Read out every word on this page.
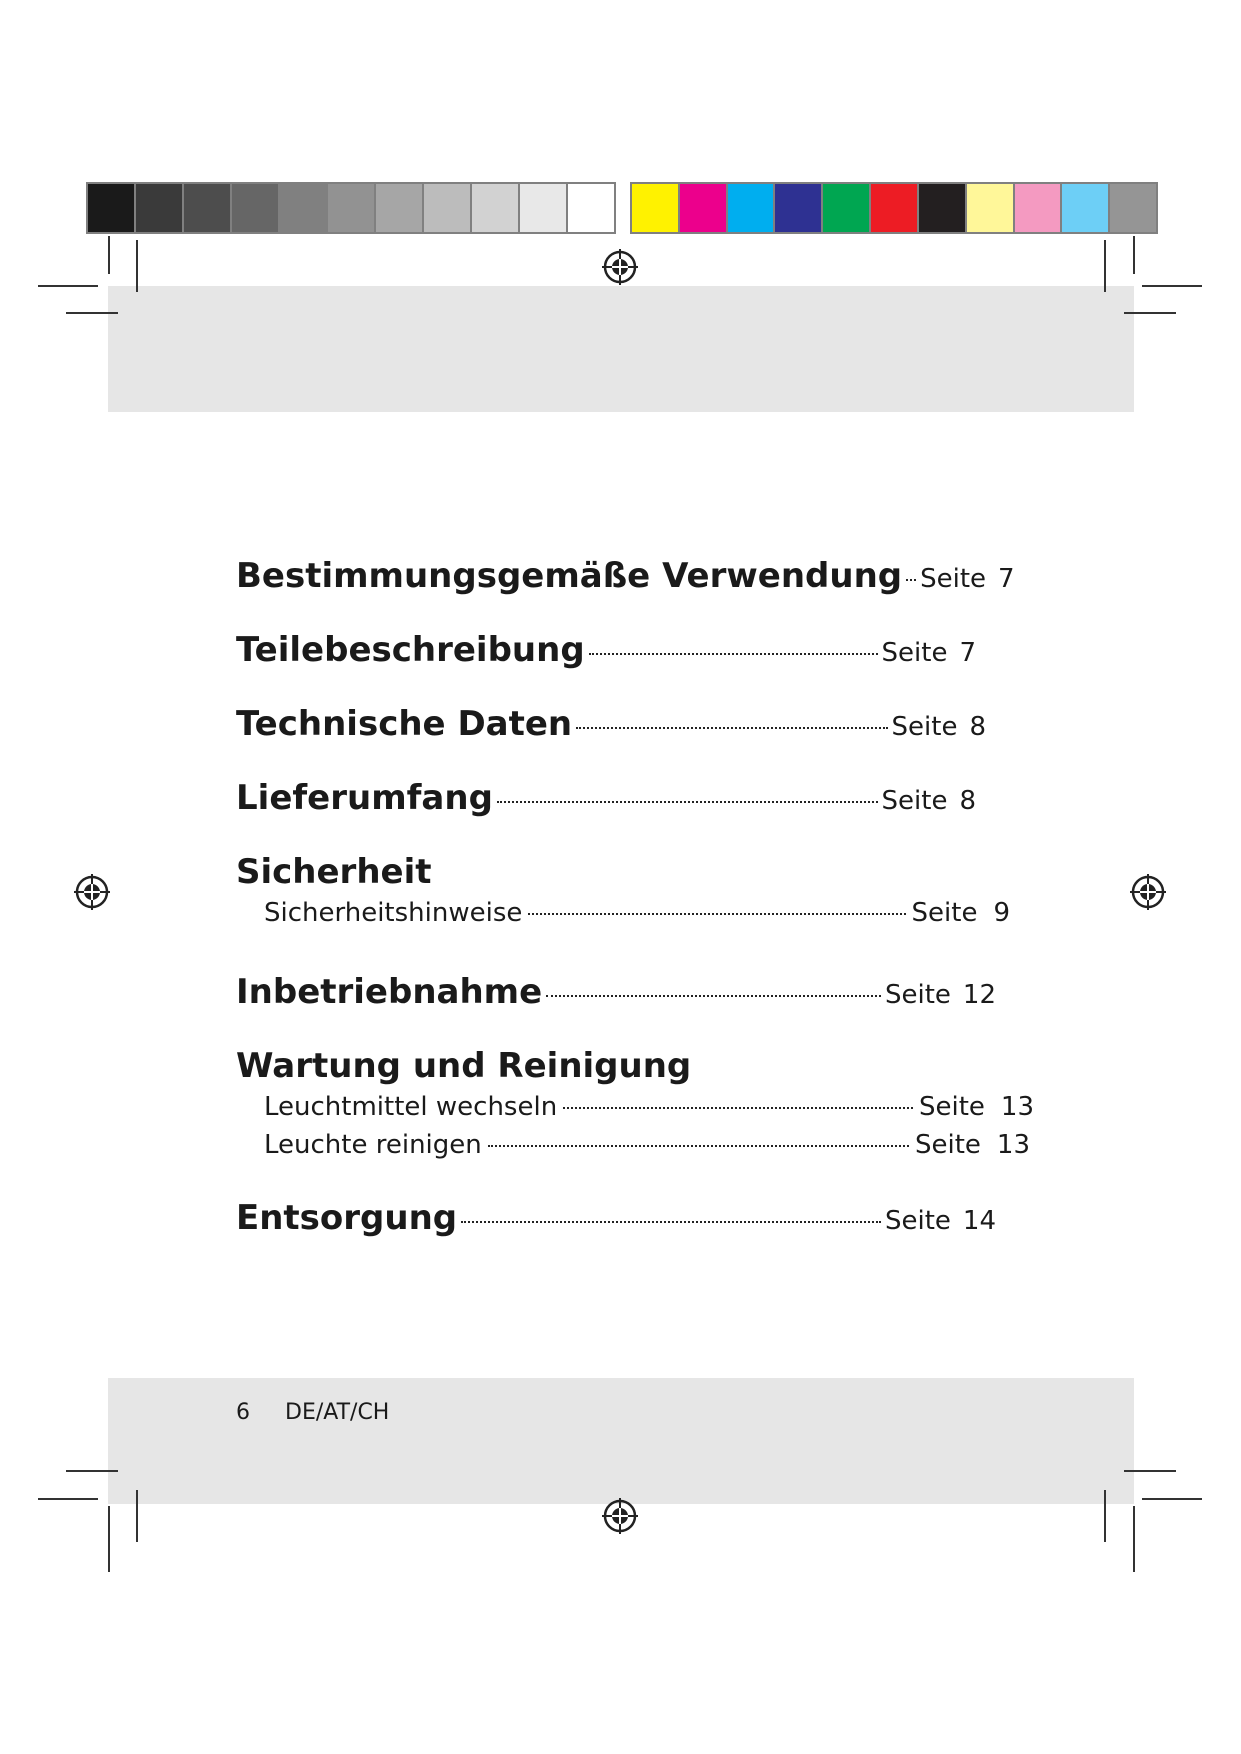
Bestimmungsgemäße Verwendung Seite 7
Teilebeschreibung	Seite 7
Technische Daten	Seite 8
Lieferumfang	Seite 8
Sicherheit
Sicherheitshinweise	Seite 9
Inbetriebnahme	Seite 12
Wartung und Reinigung
Leuchtmittel wechseln	Seite 13
Leuchte reinigen	Seite 13
Entsorgung	Seite 14
6 DE/AT/CH
